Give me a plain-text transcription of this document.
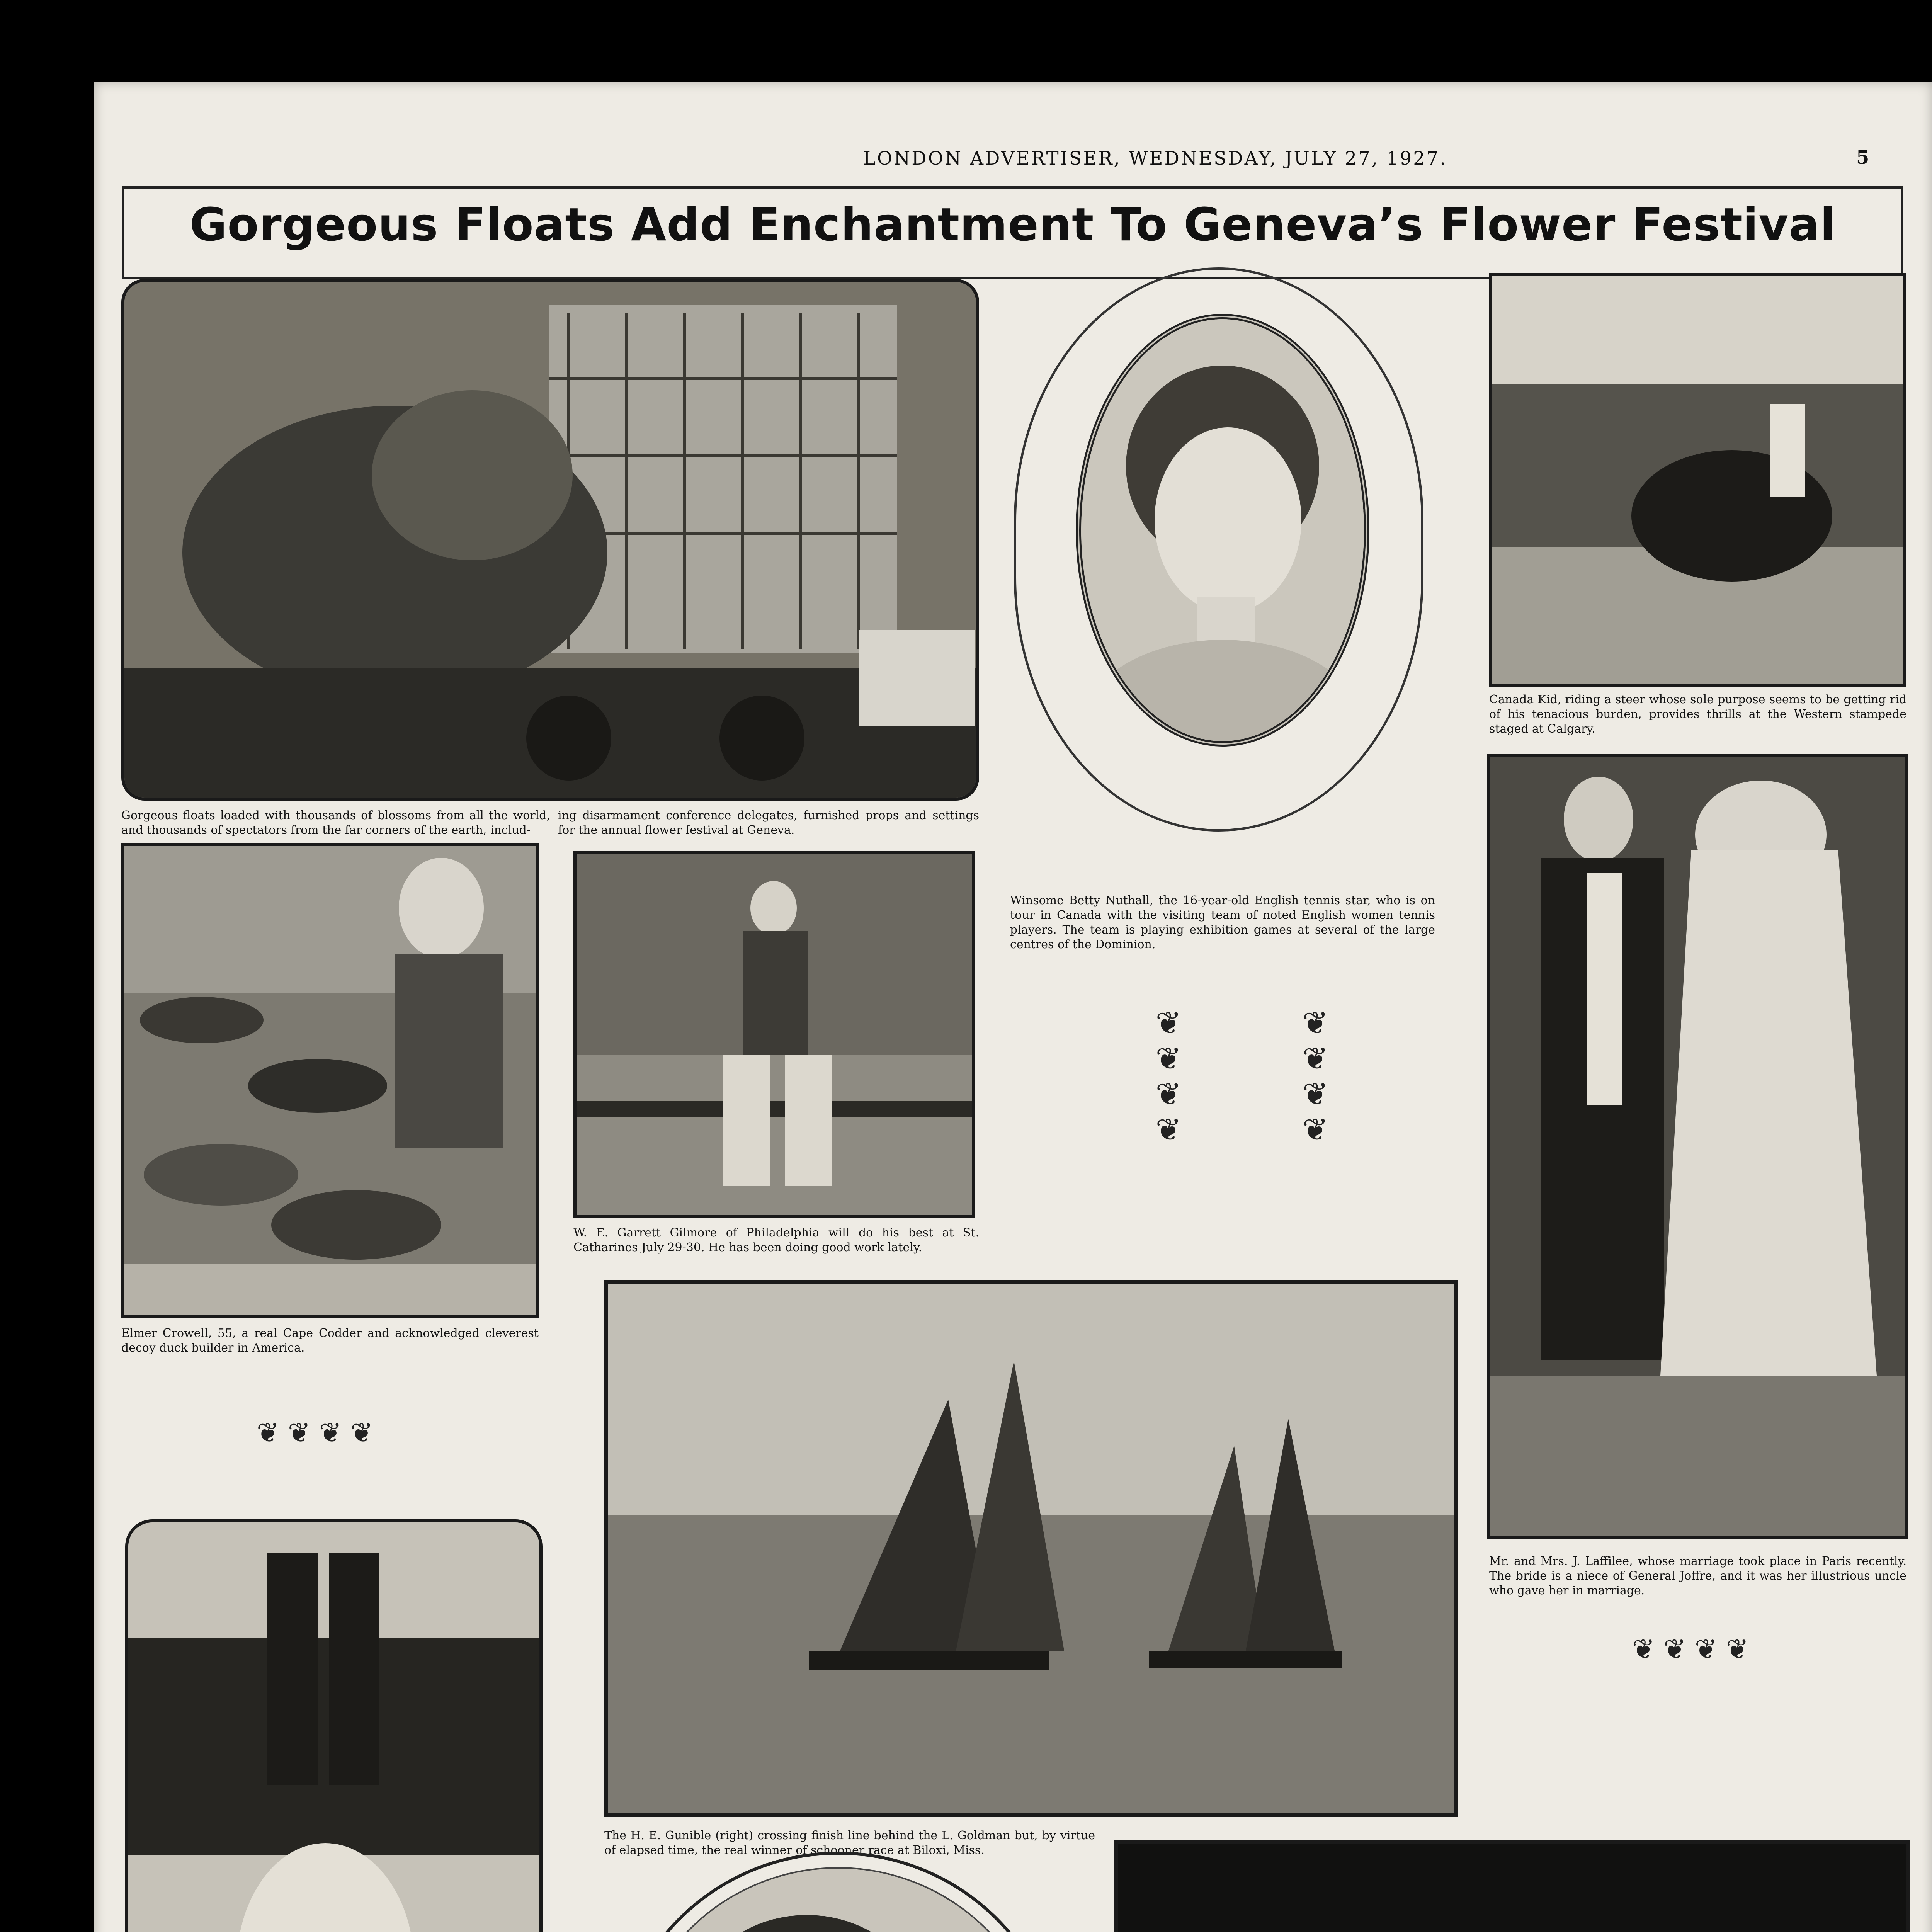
LONDON ADVERTISER, WEDNESDAY, JULY 27, 1927.	5
Gorgeous Floats Add Enchantment To Geneva’s Flower Festival
Gorgeous floats loaded with thousands of blossoms from all the world, and thousands of spectators from the far corners of the earth, includ-
ing disarmament conference delegates, furnished props and settings for the annual flower festival at Geneva.
Winsome Betty Nuthall, the 16-year-old English tennis star, who is on tour in Canada with the visiting team of noted English women tennis players. The team is playing exhibition games at several of the large centres of the Dominion.
Canada Kid, riding a steer whose sole purpose seems to be getting rid of his tenacious burden, provides thrills at the Western stampede staged at Calgary.
Elmer Crowell, 55, a real Cape Codder and acknowledged cleverest decoy duck builder in America.
W. E. Garrett Gilmore of Philadelphia will do his best at St. Catharines July 29-30. He has been doing good work lately.
❦
❦
❦
❦
❦
❦
❦
❦
Mr. and Mrs. J. Laffilee, whose marriage took place in Paris recently. The bride is a niece of General Joffre, and it was her illustrious uncle who gave her in marriage.
❦ ❦ ❦ ❦
The H. E. Gunible (right) crossing finish line behind the L. Goldman but, by virtue of elapsed time, the real winner of schooner race at Biloxi, Miss.
❦ ❦ ❦ ❦
